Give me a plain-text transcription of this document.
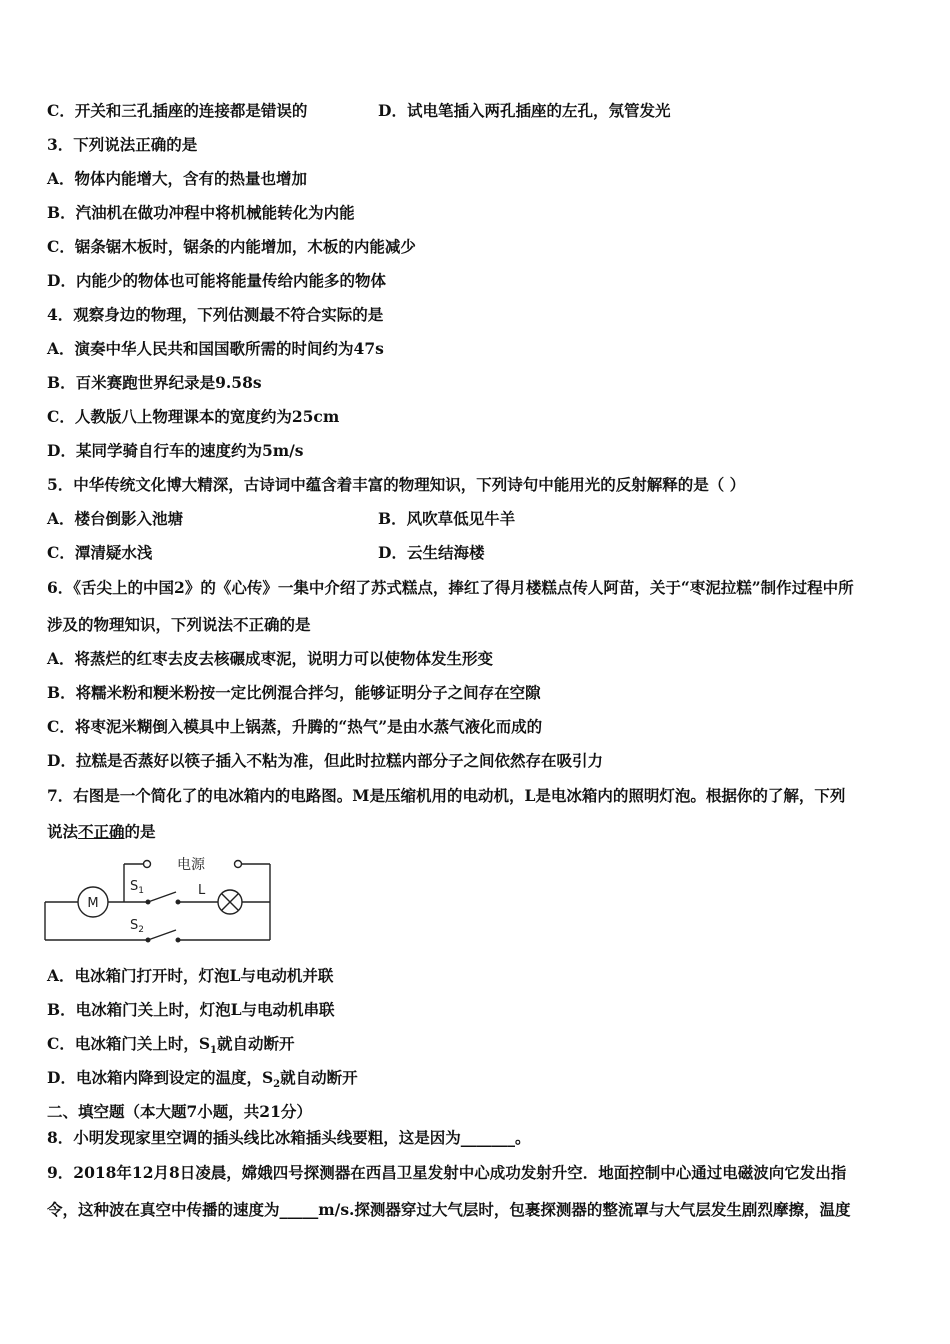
C．开关和三孔插座的连接都是错误的	D．试电笔插入两孔插座的左孔，氖管发光
3．下列说法正确的是
A．物体内能增大，含有的热量也增加
B．汽油机在做功冲程中将机械能转化为内能
C．锯条锯木板时，锯条的内能增加，木板的内能减少
D．内能少的物体也可能将能量传给内能多的物体
4．观察身边的物理，下列估测最不符合实际的是
A．演奏中华人民共和国国歌所需的时间约为47s
B．百米赛跑世界纪录是9.58s
C．人教版八上物理课本的宽度约为25cm
D．某同学骑自行车的速度约为5m/s
5．中华传统文化博大精深，古诗词中蕴含着丰富的物理知识，下列诗句中能用光的反射解释的是（ ）
A．楼台倒影入池塘	B．风吹草低见牛羊
C．潭清疑水浅	D．云生结海楼
6．《舌尖上的中国2》的《心传》一集中介绍了苏式糕点，捧红了得月楼糕点传人阿苗，关于“枣泥拉糕”制作过程中所
涉及的物理知识，下列说法不正确的是
A．将蒸烂的红枣去皮去核碾成枣泥，说明力可以使物体发生形变
B．将糯米粉和粳米粉按一定比例混合拌匀，能够证明分子之间存在空隙
C．将枣泥米糊倒入模具中上锅蒸，升腾的“热气”是由水蒸气液化而成的
D．拉糕是否蒸好以筷子插入不粘为准，但此时拉糕内部分子之间依然存在吸引力
7．右图是一个简化了的电冰箱内的电路图。M是压缩机用的电动机，L是电冰箱内的照明灯泡。根据你的了解，下列
说法不正确的是
电源
M
$S_1$	L
$S_2$
A．电冰箱门打开时，灯泡L与电动机并联
B．电冰箱门关上时，灯泡L与电动机串联
C．电冰箱门关上时，$S_1$就自动断开
D．电冰箱内降到设定的温度，$S_2$就自动断开
二、填空题（本大题7小题，共21分）
8．小明发现家里空调的插头线比冰箱插头线要粗，这是因为_______。
9．2018年12月8日凌晨，嫦娥四号探测器在西昌卫星发射中心成功发射升空．地面控制中心通过电磁波向它发出指
令，这种波在真空中传播的速度为_____m/s.探测器穿过大气层时，包裹探测器的整流罩与大气层发生剧烈摩擦，温度
